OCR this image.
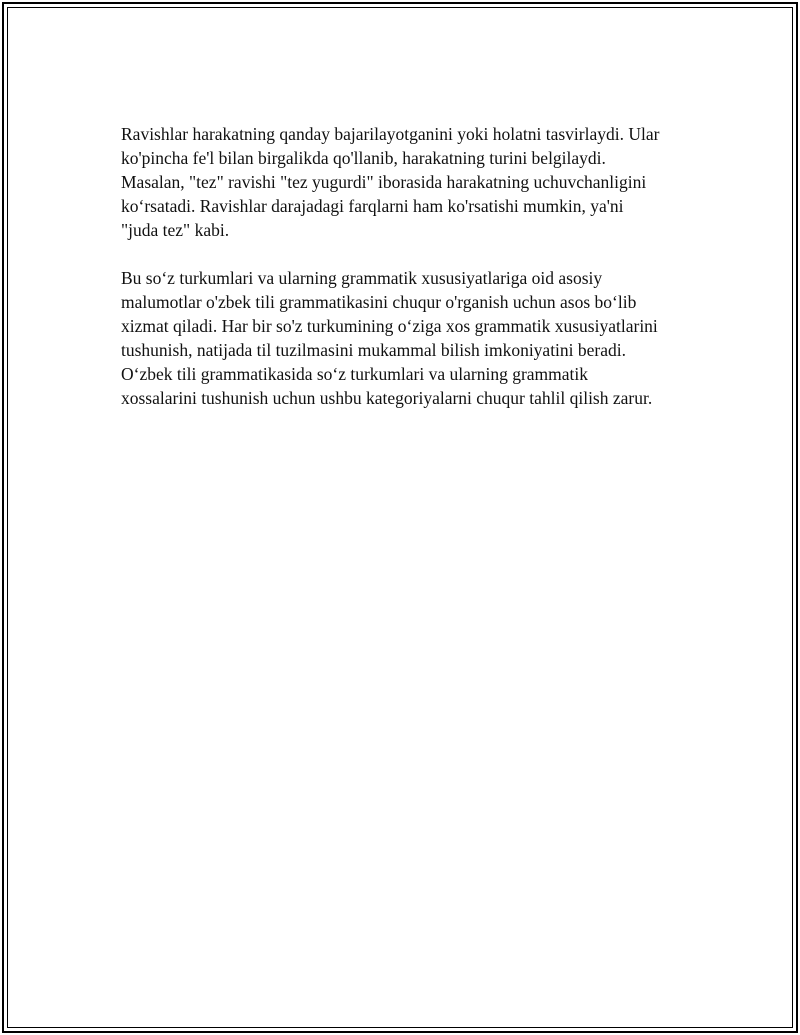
Ravishlar harakatning qanday bajarilayotganini yoki holatni tasvirlaydi. Ular
ko'pincha fe'l bilan birgalikda qo'llanib, harakatning turini belgilaydi.
Masalan, "tez" ravishi "tez yugurdi" iborasida harakatning uchuvchanligini
ko‘rsatadi. Ravishlar darajadagi farqlarni ham ko'rsatishi mumkin, ya'ni
"juda tez" kabi.

Bu so‘z turkumlari va ularning grammatik xususiyatlariga oid asosiy
malumotlar o'zbek tili grammatikasini chuqur o'rganish uchun asos bo‘lib
xizmat qiladi. Har bir so'z turkumining o‘ziga xos grammatik xususiyatlarini
tushunish, natijada til tuzilmasini mukammal bilish imkoniyatini beradi.
O‘zbek tili grammatikasida so‘z turkumlari va ularning grammatik
xossalarini tushunish uchun ushbu kategoriyalarni chuqur tahlil qilish zarur.
